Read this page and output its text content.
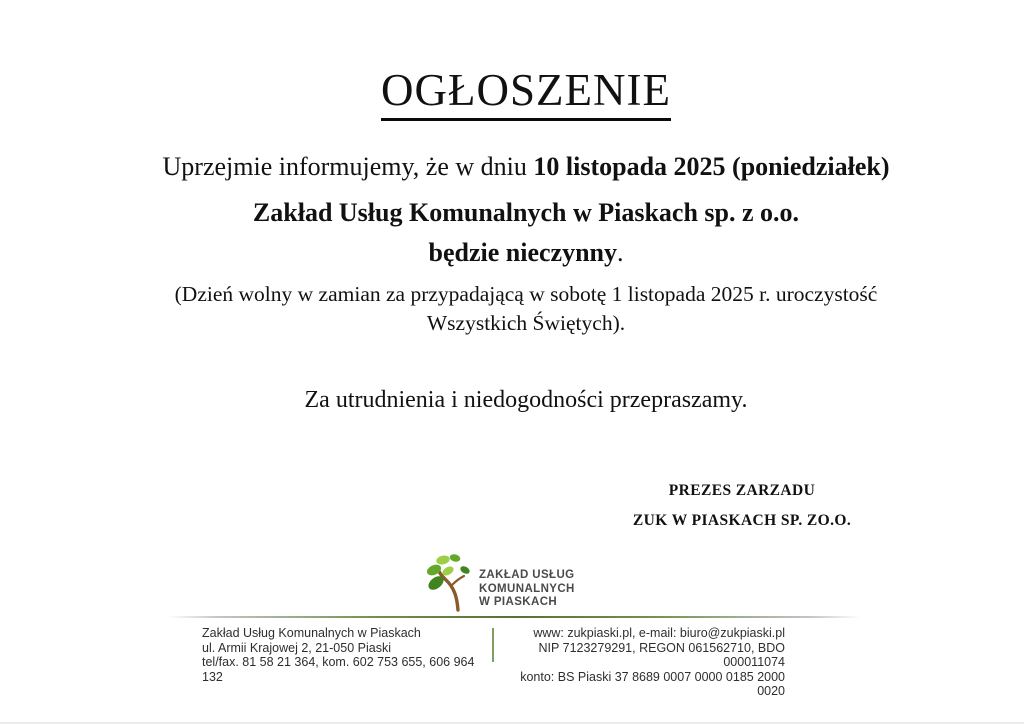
OGŁOSZENIE
Uprzejmie informujemy, że w dniu 10 listopada 2025 (poniedziałek)
Zakład Usług Komunalnych w Piaskach sp. z o.o.
będzie nieczynny.
(Dzień wolny w zamian za przypadającą w sobotę 1 listopada 2025 r. uroczystość
Wszystkich Świętych).
Za utrudnienia i niedogodności przepraszamy.
PREZES ZARZADU
ZUK W PIASKACH SP. ZO.O.
ZAKŁAD USŁUG
KOMUNALNYCH
W PIASKACH
Zakład Usług Komunalnych w Piaskach
ul. Armii Krajowej 2, 21-050 Piaski
tel/fax. 81 58 21 364, kom. 602 753 655, 606 964 132
www: zukpiaski.pl, e-mail: biuro@zukpiaski.pl
NIP 7123279291, REGON 061562710, BDO 000011074
konto: BS Piaski 37 8689 0007 0000 0185 2000 0020
